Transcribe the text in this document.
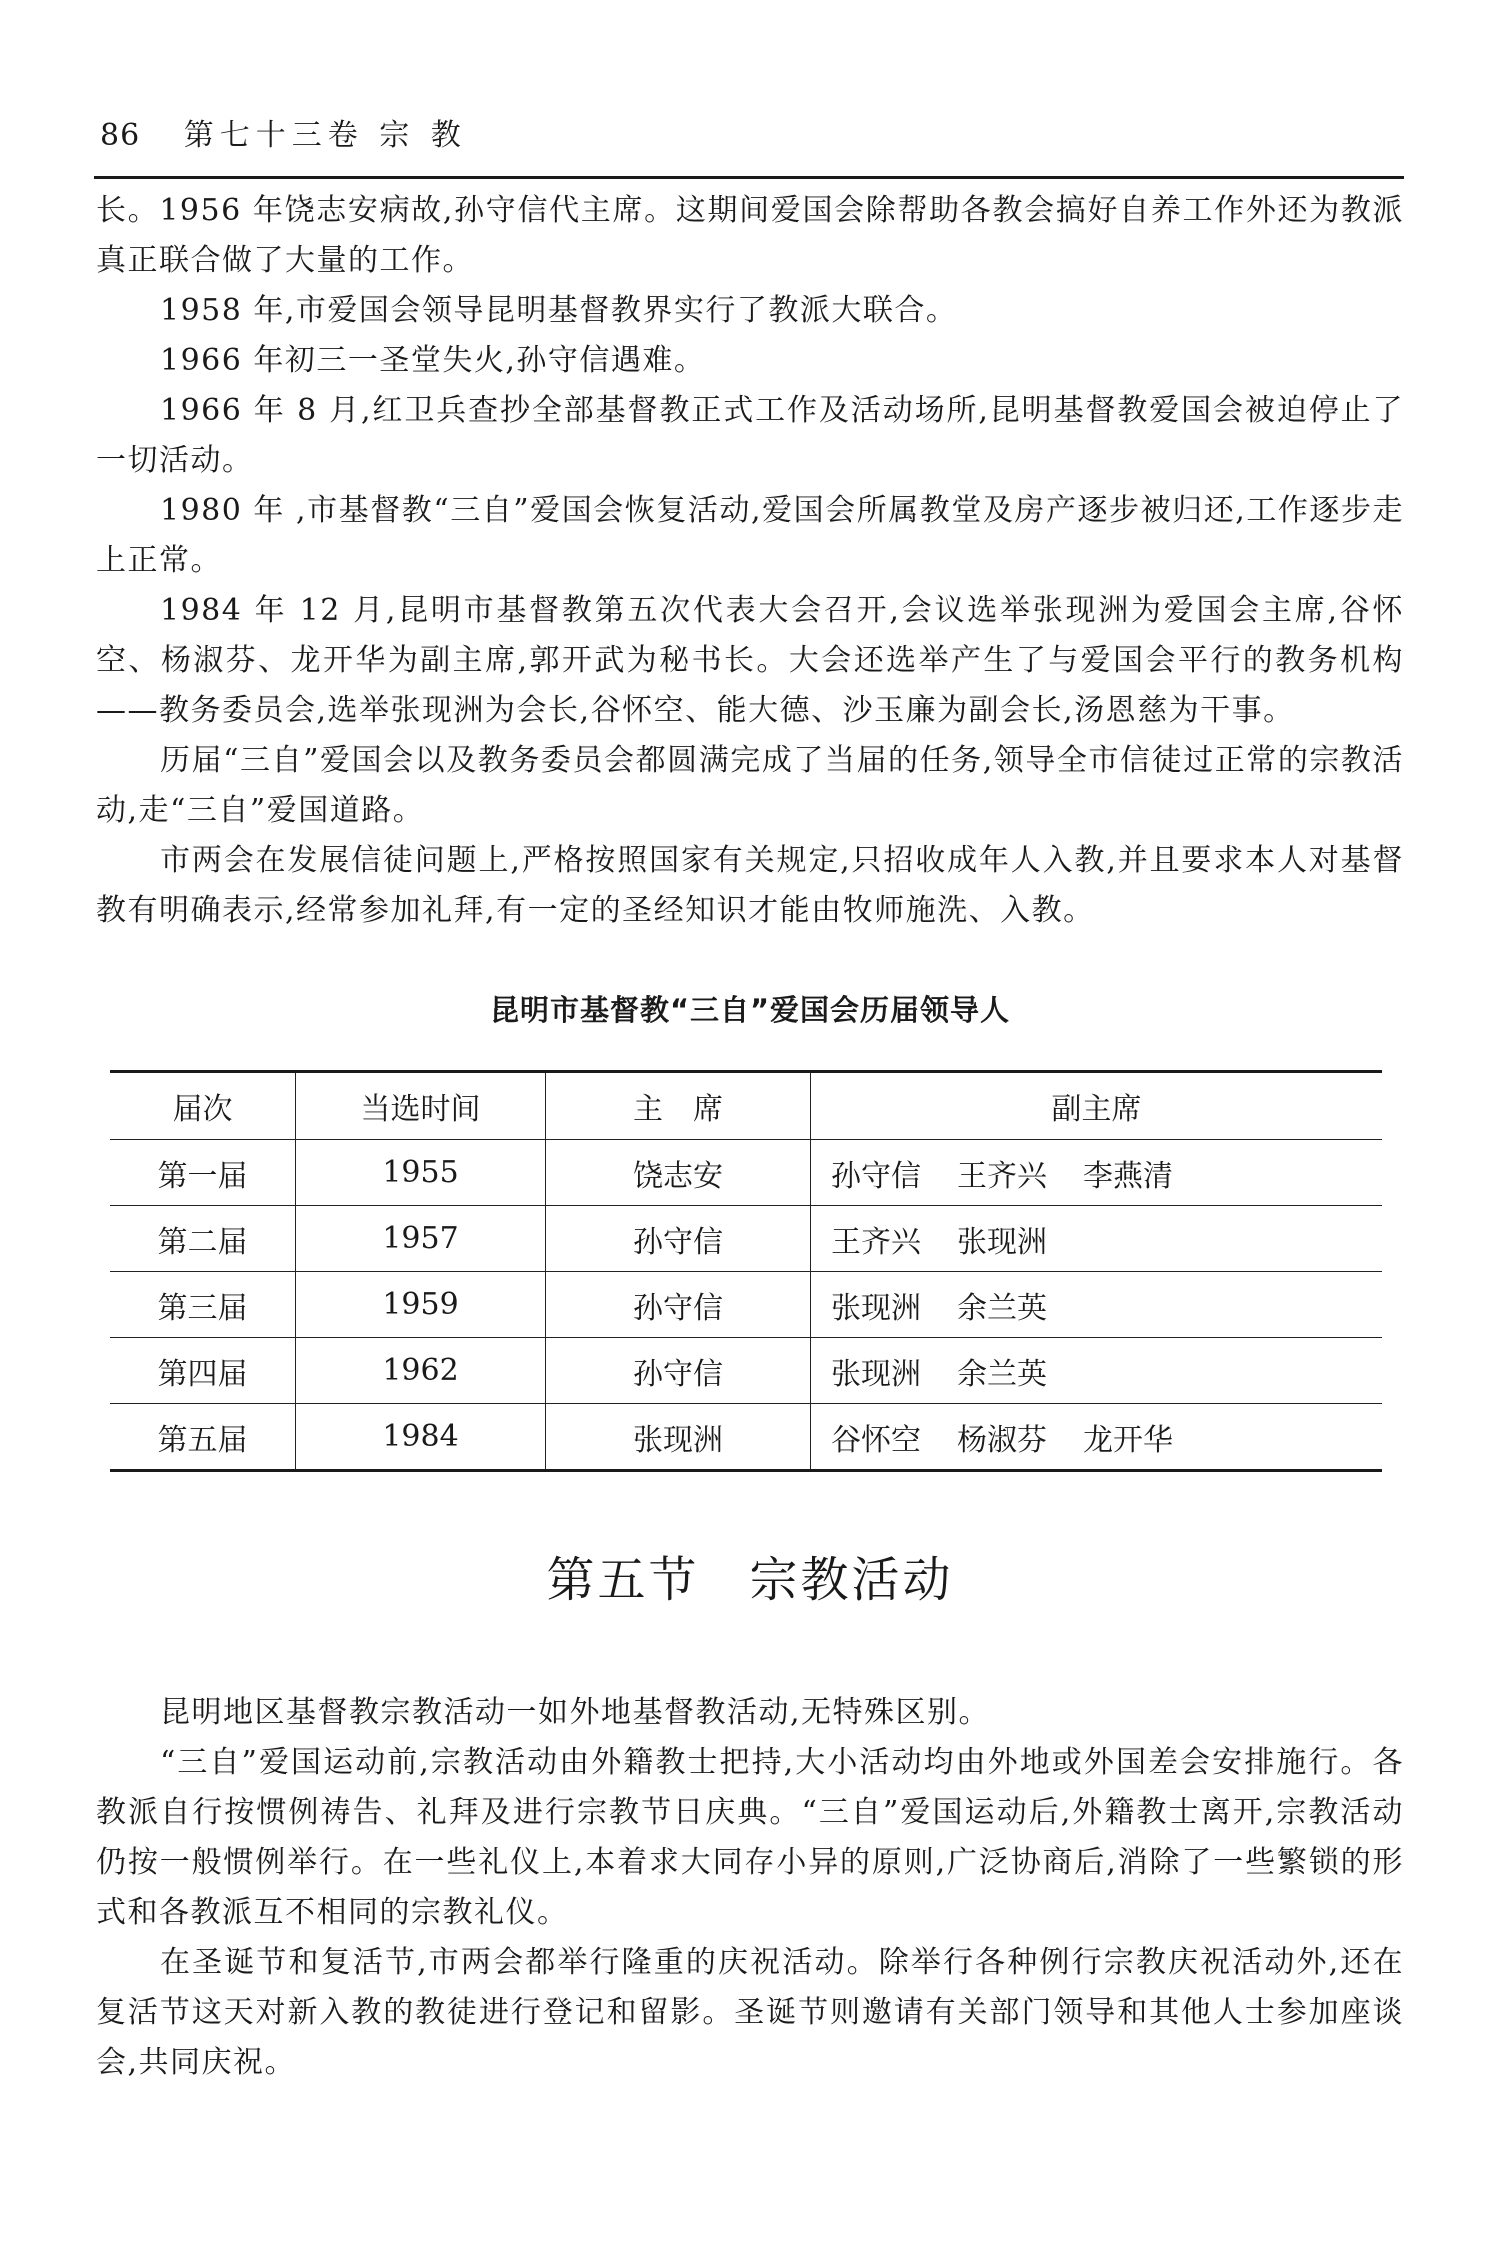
86 第七十三卷 宗 教

长。1956 年饶志安病故,孙守信代主席。这期间爱国会除帮助各教会搞好自养工作外还为教派真正联合做了大量的工作。

1958 年,市爱国会领导昆明基督教界实行了教派大联合。

1966 年初三一圣堂失火,孙守信遇难。

1966 年 8 月,红卫兵查抄全部基督教正式工作及活动场所,昆明基督教爱国会被迫停止了一切活动。

1980 年 ,市基督教“三自”爱国会恢复活动,爱国会所属教堂及房产逐步被归还,工作逐步走上正常。

1984 年 12 月,昆明市基督教第五次代表大会召开,会议选举张现洲为爱国会主席,谷怀空、杨淑芬、龙开华为副主席,郭开武为秘书长。大会还选举产生了与爱国会平行的教务机构——教务委员会,选举张现洲为会长,谷怀空、能大德、沙玉廉为副会长,汤恩慈为干事。

历届“三自”爱国会以及教务委员会都圆满完成了当届的任务,领导全市信徒过正常的宗教活动,走“三自”爱国道路。

市两会在发展信徒问题上,严格按照国家有关规定,只招收成年人入教,并且要求本人对基督教有明确表示,经常参加礼拜,有一定的圣经知识才能由牧师施洗、入教。

昆明市基督教“三自”爱国会历届领导人
届次	当选时间	主　席	副主席
第一届	1955	饶志安	孙守信 王齐兴 李燕清
第二届	1957	孙守信	王齐兴 张现洲
第三届	1959	孙守信	张现洲 余兰英
第四届	1962	孙守信	张现洲 余兰英
第五届	1984	张现洲	谷怀空 杨淑芬 龙开华
第五节 宗教活动

昆明地区基督教宗教活动一如外地基督教活动,无特殊区别。

“三自”爱国运动前,宗教活动由外籍教士把持,大小活动均由外地或外国差会安排施行。各教派自行按惯例祷告、礼拜及进行宗教节日庆典。“三自”爱国运动后,外籍教士离开,宗教活动仍按一般惯例举行。在一些礼仪上,本着求大同存小异的原则,广泛协商后,消除了一些繁锁的形式和各教派互不相同的宗教礼仪。

在圣诞节和复活节,市两会都举行隆重的庆祝活动。除举行各种例行宗教庆祝活动外,还在复活节这天对新入教的教徒进行登记和留影。圣诞节则邀请有关部门领导和其他人士参加座谈会,共同庆祝。
